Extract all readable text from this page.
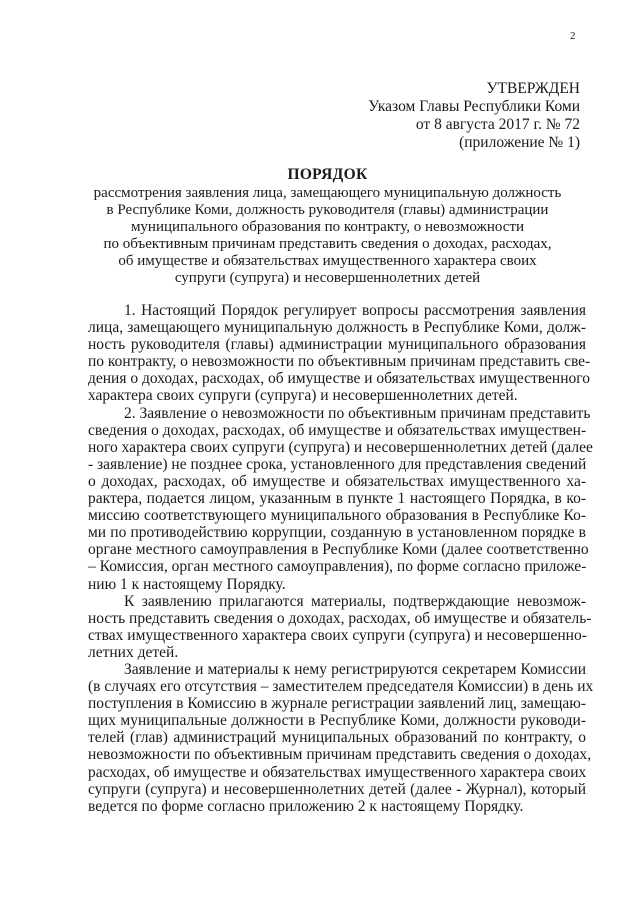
2
УТВЕРЖДЕН
Указом Главы Республики Коми
от 8 августа 2017 г. № 72
(приложение № 1)
ПОРЯДОК
рассмотрения заявления лица, замещающего муниципальную должность
в Республике Коми, должность руководителя (главы) администрации
муниципального образования по контракту, о невозможности
по объективным причинам представить сведения о доходах, расходах,
об имуществе и обязательствах имущественного характера своих
супруги (супруга) и несовершеннолетних детей
1. Настоящий Порядок регулирует вопросы рассмотрения заявления
лица, замещающего муниципальную должность в Республике Коми, долж-
ность руководителя (главы) администрации муниципального образования
по контракту, о невозможности по объективным причинам представить све-
дения о доходах, расходах, об имуществе и обязательствах имущественного
характера своих супруги (супруга) и несовершеннолетних детей.
2. Заявление о невозможности по объективным причинам представить
сведения о доходах, расходах, об имуществе и обязательствах имуществен-
ного характера своих супруги (супруга) и несовершеннолетних детей (далее
- заявление) не позднее срока, установленного для представления сведений
о доходах, расходах, об имуществе и обязательствах имущественного ха-
рактера, подается лицом, указанным в пункте 1 настоящего Порядка, в ко-
миссию соответствующего муниципального образования в Республике Ко-
ми по противодействию коррупции, созданную в установленном порядке в
органе местного самоуправления в Республике Коми (далее соответственно
– Комиссия, орган местного самоуправления), по форме согласно приложе-
нию 1 к настоящему Порядку.
К заявлению прилагаются материалы, подтверждающие невозмож-
ность представить сведения о доходах, расходах, об имуществе и обязатель-
ствах имущественного характера своих супруги (супруга) и несовершенно-
летних детей.
Заявление и материалы к нему регистрируются секретарем Комиссии
(в случаях его отсутствия – заместителем председателя Комиссии) в день их
поступления в Комиссию в журнале регистрации заявлений лиц, замещаю-
щих муниципальные должности в Республике Коми, должности руководи-
телей (глав) администраций муниципальных образований по контракту, о
невозможности по объективным причинам представить сведения о доходах,
расходах, об имуществе и обязательствах имущественного характера своих
супруги (супруга) и несовершеннолетних детей (далее - Журнал), который
ведется по форме согласно приложению 2 к настоящему Порядку.
